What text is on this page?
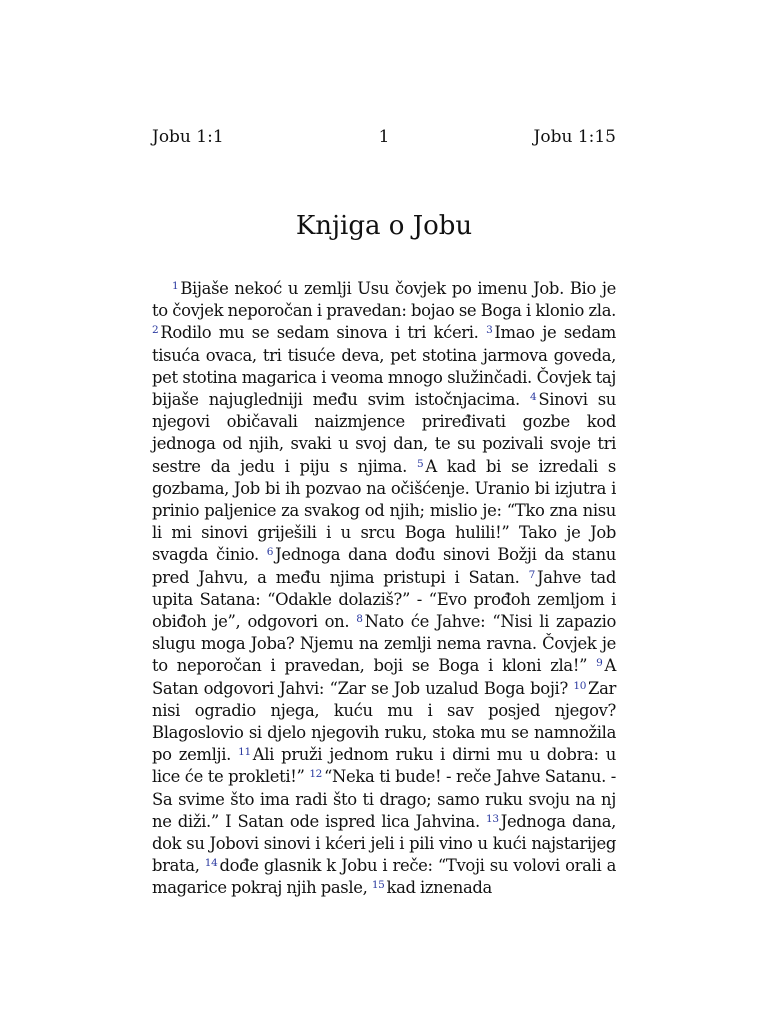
Jobu 1:1	1	Jobu 1:15
Knjiga o Jobu

$^1$ Bijaše nekoć u zemlji Usu čovjek po imenu Job. Bio je to čovjek neporočan i pravedan: bojao se Boga i klonio zla. $^2$ Rodilo mu se sedam sinova i tri kćeri. $^3$ Imao je sedam tisuća ovaca, tri tisuće deva, pet stotina jarmova goveda, pet stotina magarica i veoma mnogo služinčadi. Čovjek taj bijaše najugledniji među svim istočnjacima. $^4$ Sinovi su njegovi običavali naizmjence priređivati gozbe kod jednoga od njih, svaki u svoj dan, te su pozivali svoje tri sestre da jedu i piju s njima. $^5$ A kad bi se izredali s gozbama, Job bi ih pozvao na očišćenje. Uranio bi izjutra i prinio paljenice za svakog od njih; mislio je: “Tko zna nisu li mi sinovi griješili i u srcu Boga hulili!” Tako je Job svagda činio. $^6$ Jednoga dana dođu sinovi Božji da stanu pred Jahvu, a među njima pristupi i Satan. $^7$ Jahve tad upita Satana: “Odakle dolaziš?” - “Evo prođoh zemljom i obiđoh je”, odgovori on. $^8$ Nato će Jahve: “Nisi li zapazio slugu moga Joba? Njemu na zemlji nema ravna. Čovjek je to neporočan i pravedan, boji se Boga i kloni zla!” $^9$ A Satan odgovori Jahvi: “Zar se Job uzalud Boga boji? $^{10}$ Zar nisi ogradio njega, kuću mu i sav posjed njegov? Blagoslovio si djelo njegovih ruku, stoka mu se namnožila po zemlji. $^{11}$ Ali pruži jednom ruku i dirni mu u dobra: u lice će te prokleti!” $^{12}$ “Neka ti bude! - reče Jahve Satanu. - Sa svime što ima radi što ti drago; samo ruku svoju na nj ne diži.” I Satan ode ispred lica Jahvina. $^{13}$ Jednoga dana, dok su Jobovi sinovi i kćeri jeli i pili vino u kući najstarijeg brata, $^{14}$ dođe glasnik k Jobu i reče: “Tvoji su volovi orali a magarice pokraj njih pasle, $^{15}$ kad iznenada
